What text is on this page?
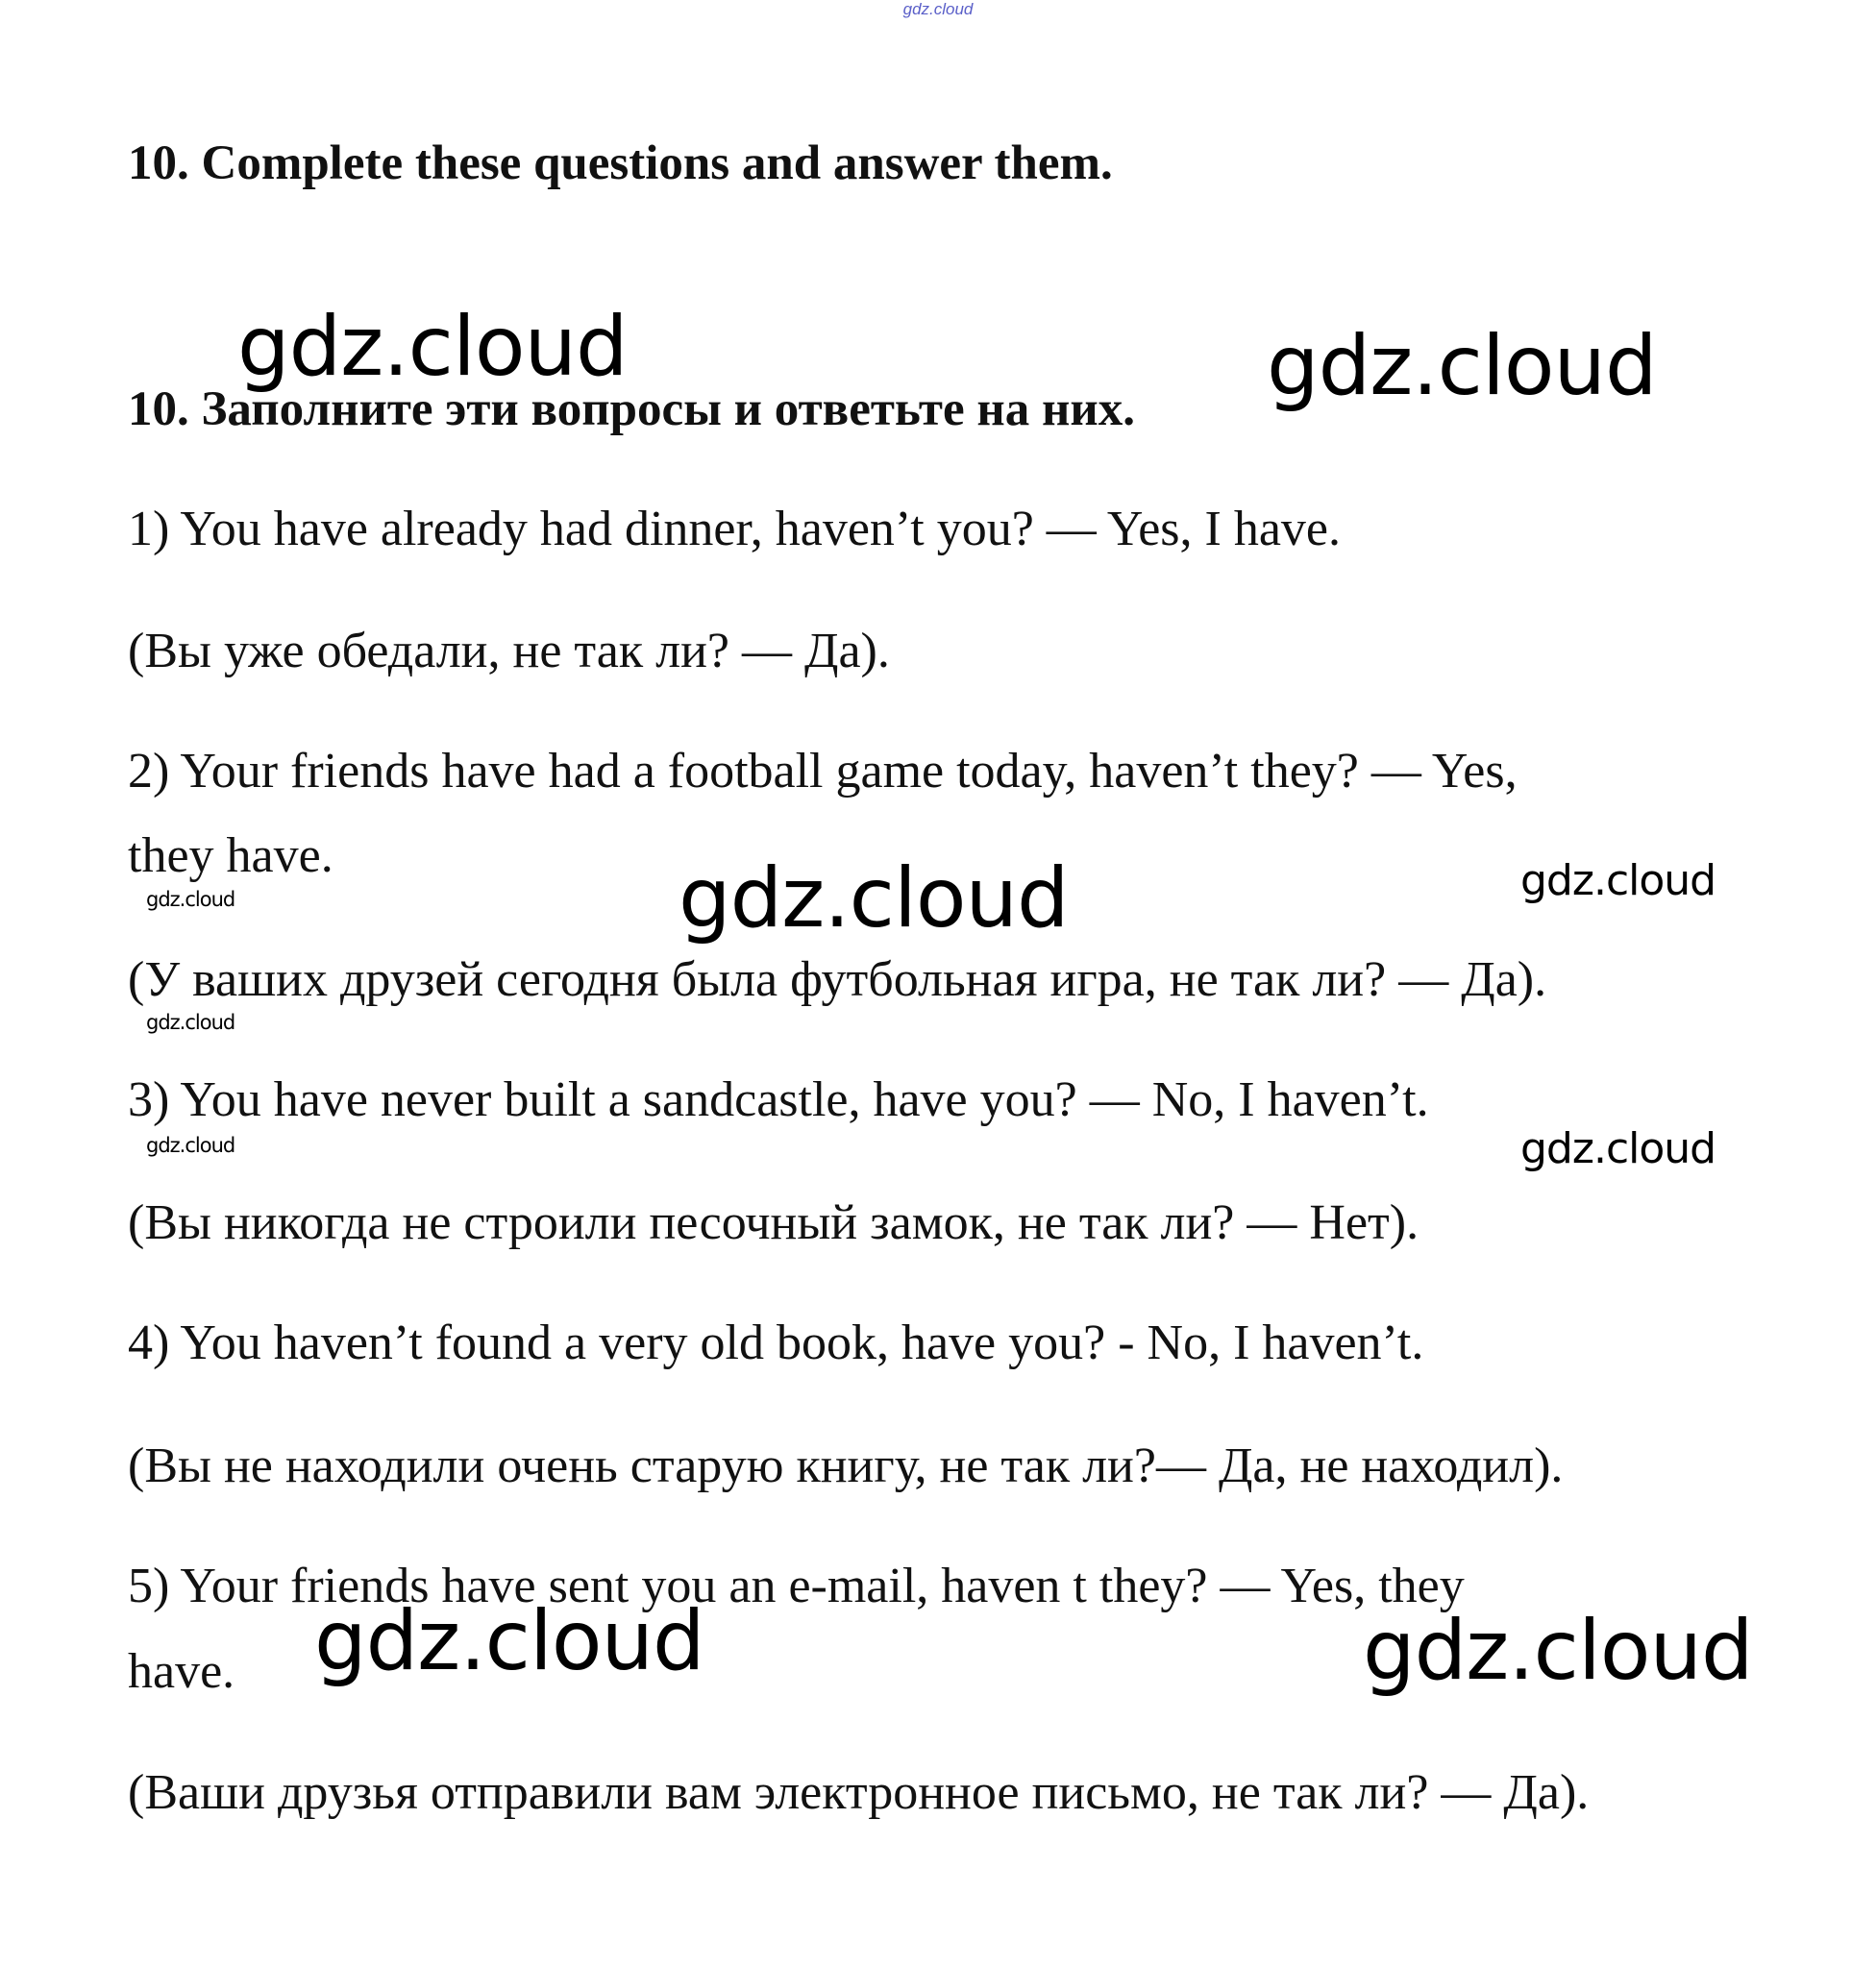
gdz.cloud
10. Complete these questions and answer them.
10. Заполните эти вопросы и ответьте на них.
1) You have already had dinner, haven’t you? — Yes, I have.
(Вы уже обедали, не так ли? — Да).
2) Your friends have had a football game today, haven’t they? — Yes,
they have.
(У ваших друзей сегодня была футбольная игра, не так ли? — Да).
3) You have never built a sandcastle, have you? — No, I haven’t.
(Вы никогда не строили песочный замок, не так ли? — Нет).
4) You haven’t found a very old book, have you? - No, I haven’t.
(Вы не находили очень старую книгу, не так ли?— Да, не находил).
5) Your friends have sent you an e-mail, haven t they? — Yes, they
have.
(Ваши друзья отправили вам электронное письмо, не так ли? — Да).
gdz.cloud	gdz.cloud
gdz.cloud	gdz.cloud
gdz.cloud
gdz.cloud
gdz.cloud	gdz.cloud
gdz.cloud	gdz.cloud
